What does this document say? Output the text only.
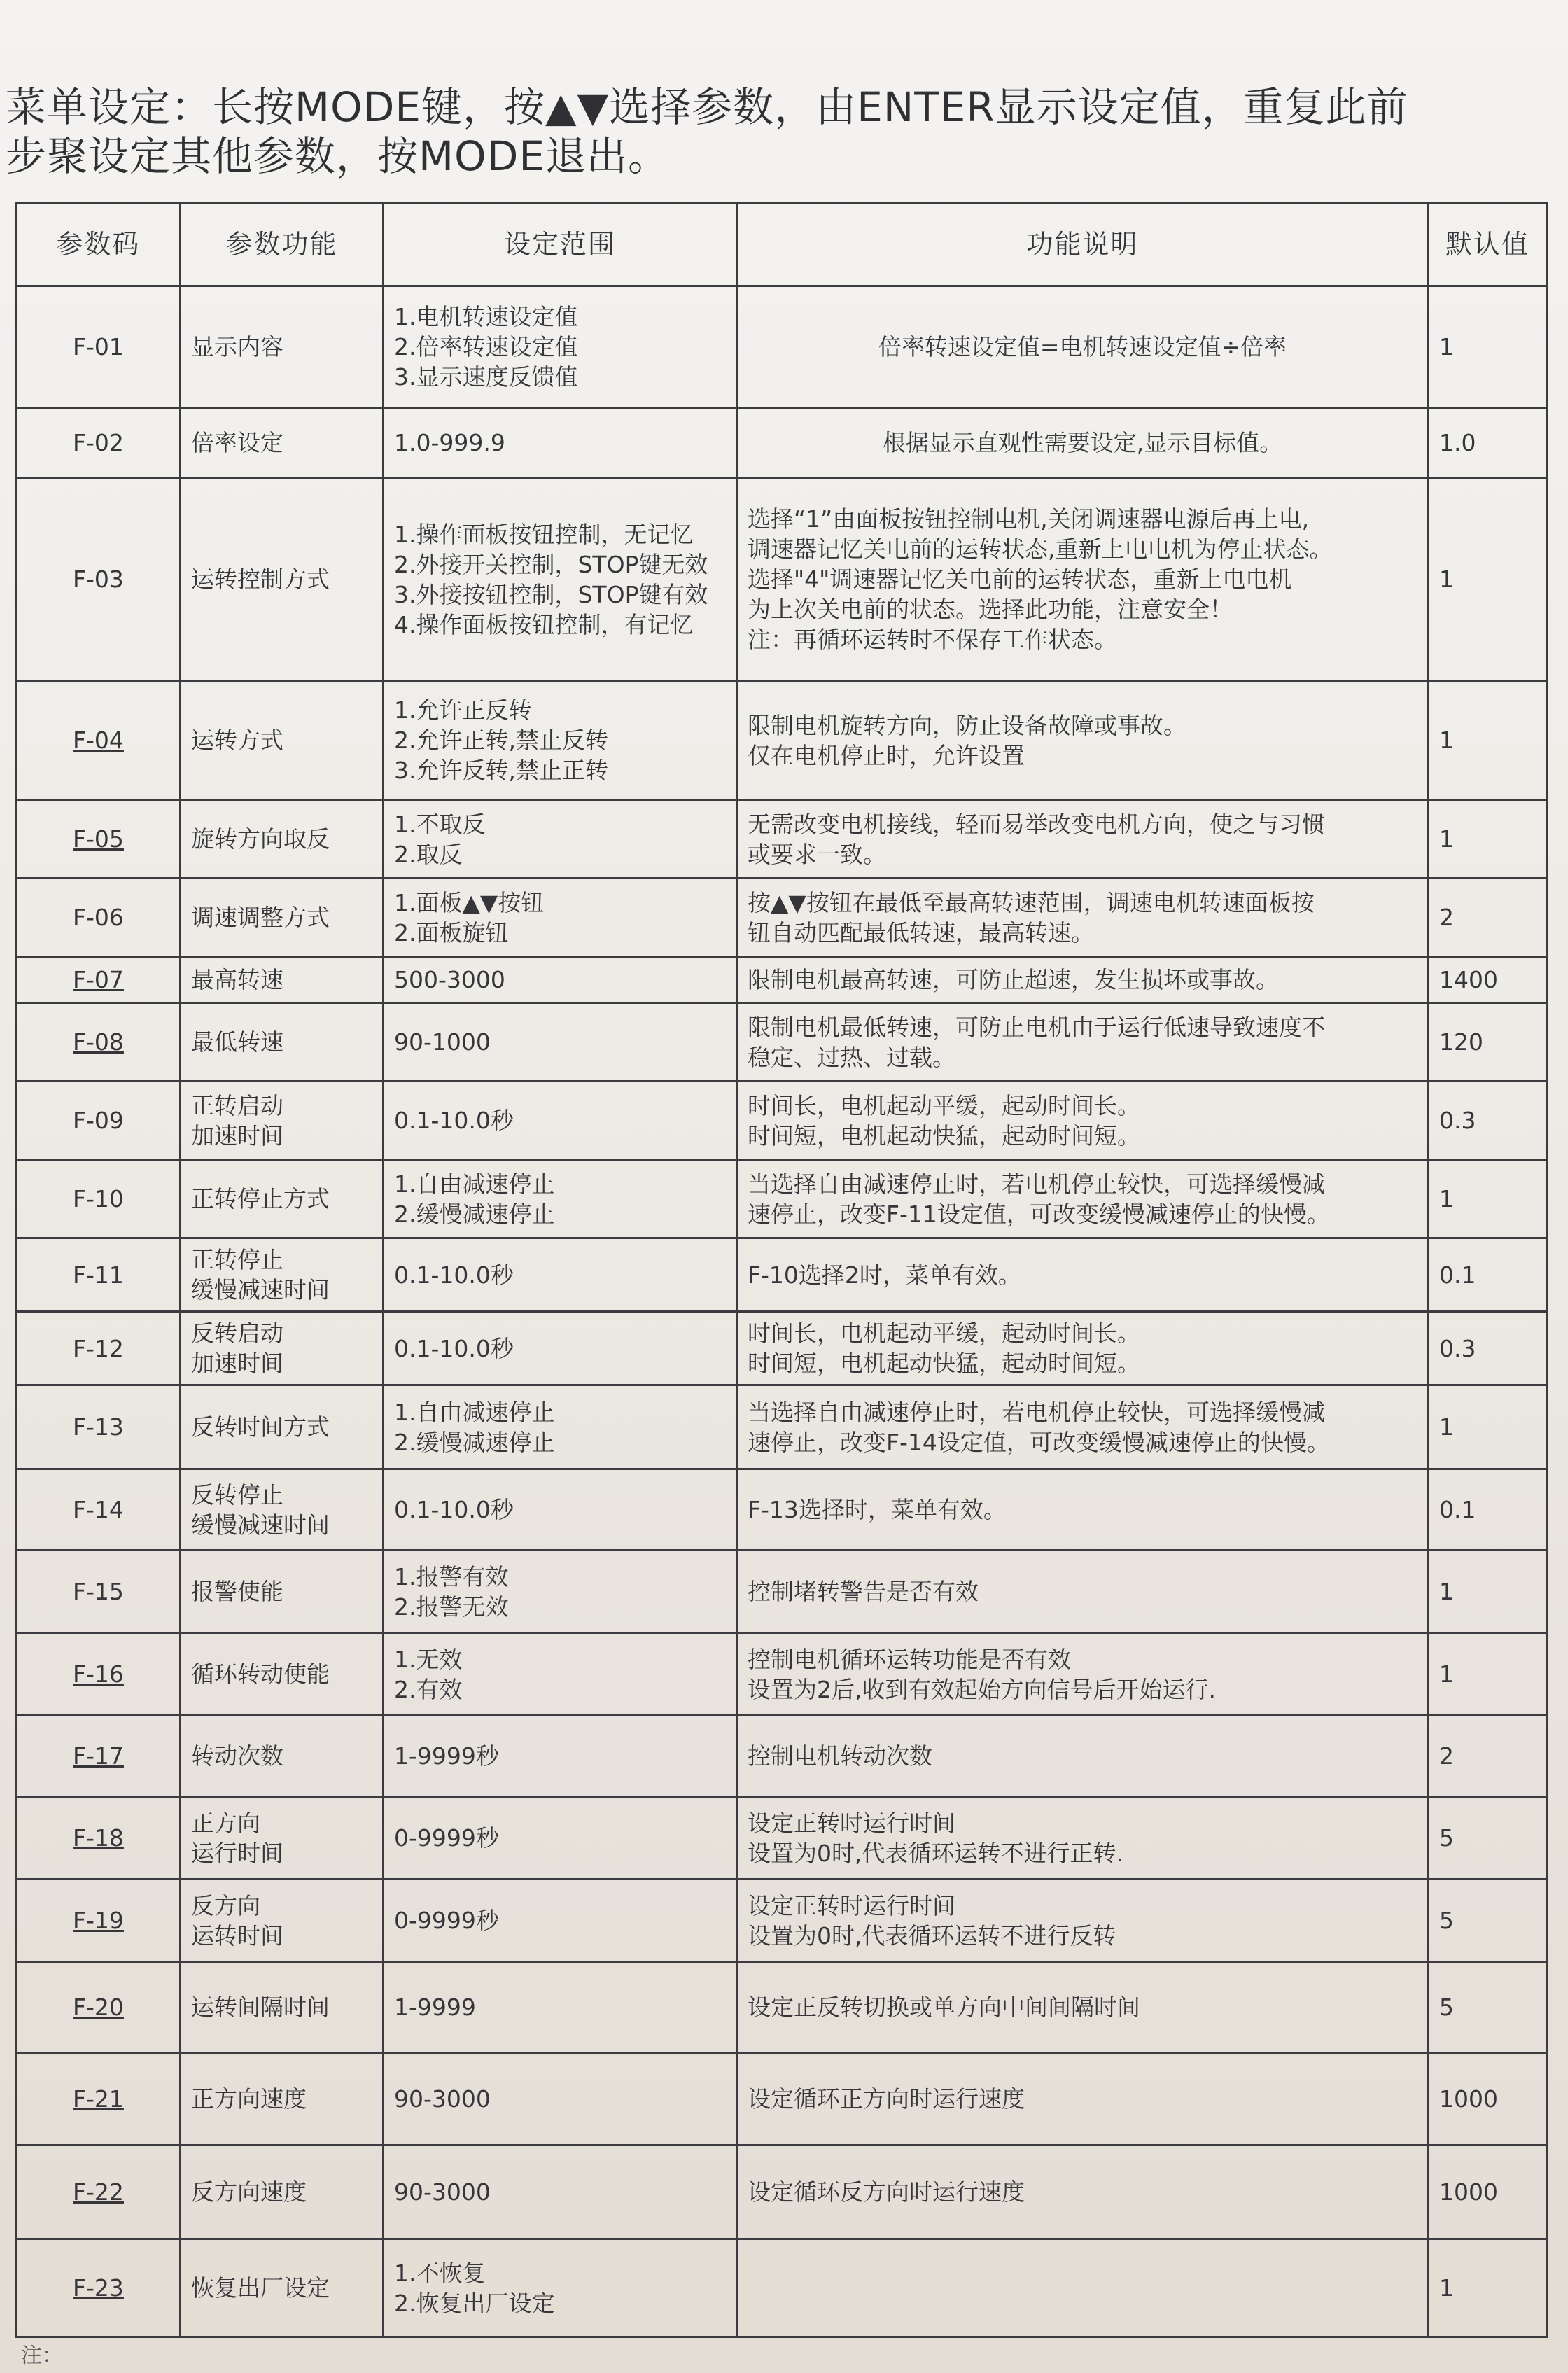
菜单设定：长按MODE键，按▲▼选择参数，由ENTER显示设定值，重复此前
步聚设定其他参数，按MODE退出。
参数码	参数功能	设定范围	功能说明	默认值
F-01	显示内容	1.电机转速设定值
2.倍率转速设定值
3.显示速度反馈值	倍率转速设定值=电机转速设定值÷倍率	1
F-02	倍率设定	1.0-999.9	根据显示直观性需要设定,显示目标值。	1.0
F-03	运转控制方式	1.操作面板按钮控制，无记忆
2.外接开关控制，STOP键无效
3.外接按钮控制，STOP键有效
4.操作面板按钮控制，有记忆	选择“1”由面板按钮控制电机,关闭调速器电源后再上电,
调速器记忆关电前的运转状态,重新上电电机为停止状态。
选择"4"调速器记忆关电前的运转状态，重新上电电机
为上次关电前的状态。选择此功能，注意安全！
注：再循环运转时不保存工作状态。	1
F-04	运转方式	1.允许正反转
2.允许正转,禁止反转
3.允许反转,禁止正转	限制电机旋转方向，防止设备故障或事故。
仅在电机停止时，允许设置	1
F-05	旋转方向取反	1.不取反
2.取反	无需改变电机接线，轻而易举改变电机方向，使之与习惯
或要求一致。	1
F-06	调速调整方式	1.面板▲▼按钮
2.面板旋钮	按▲▼按钮在最低至最高转速范围，调速电机转速面板按
钮自动匹配最低转速，最高转速。	2
F-07	最高转速	500-3000	限制电机最高转速，可防止超速，发生损坏或事故。	1400
F-08	最低转速	90-1000	限制电机最低转速，可防止电机由于运行低速导致速度不
稳定、过热、过载。	120
F-09	正转启动
加速时间	0.1-10.0秒	时间长，电机起动平缓，起动时间长。
时间短，电机起动快猛，起动时间短。	0.3
F-10	正转停止方式	1.自由减速停止
2.缓慢减速停止	当选择自由减速停止时，若电机停止较快，可选择缓慢减
速停止，改变F-11设定值，可改变缓慢减速停止的快慢。	1
F-11	正转停止
缓慢减速时间	0.1-10.0秒	F-10选择2时，菜单有效。	0.1
F-12	反转启动
加速时间	0.1-10.0秒	时间长，电机起动平缓，起动时间长。
时间短，电机起动快猛，起动时间短。	0.3
F-13	反转时间方式	1.自由减速停止
2.缓慢减速停止	当选择自由减速停止时，若电机停止较快，可选择缓慢减
速停止，改变F-14设定值，可改变缓慢减速停止的快慢。	1
F-14	反转停止
缓慢减速时间	0.1-10.0秒	F-13选择时，菜单有效。	0.1
F-15	报警使能	1.报警有效
2.报警无效	控制堵转警告是否有效	1
F-16	循环转动使能	1.无效
2.有效	控制电机循环运转功能是否有效
设置为2后,收到有效起始方向信号后开始运行.	1
F-17	转动次数	1-9999秒	控制电机转动次数	2
F-18	正方向
运行时间	0-9999秒	设定正转时运行时间
设置为0时,代表循环运转不进行正转.	5
F-19	反方向
运转时间	0-9999秒	设定正转时运行时间
设置为0时,代表循环运转不进行反转	5
F-20	运转间隔时间	1-9999	设定正反转切换或单方向中间间隔时间	5
F-21	正方向速度	90-3000	设定循环正方向时运行速度	1000
F-22	反方向速度	90-3000	设定循环反方向时运行速度	1000
F-23	恢复出厂设定	1.不恢复
2.恢复出厂设定		1
注：
